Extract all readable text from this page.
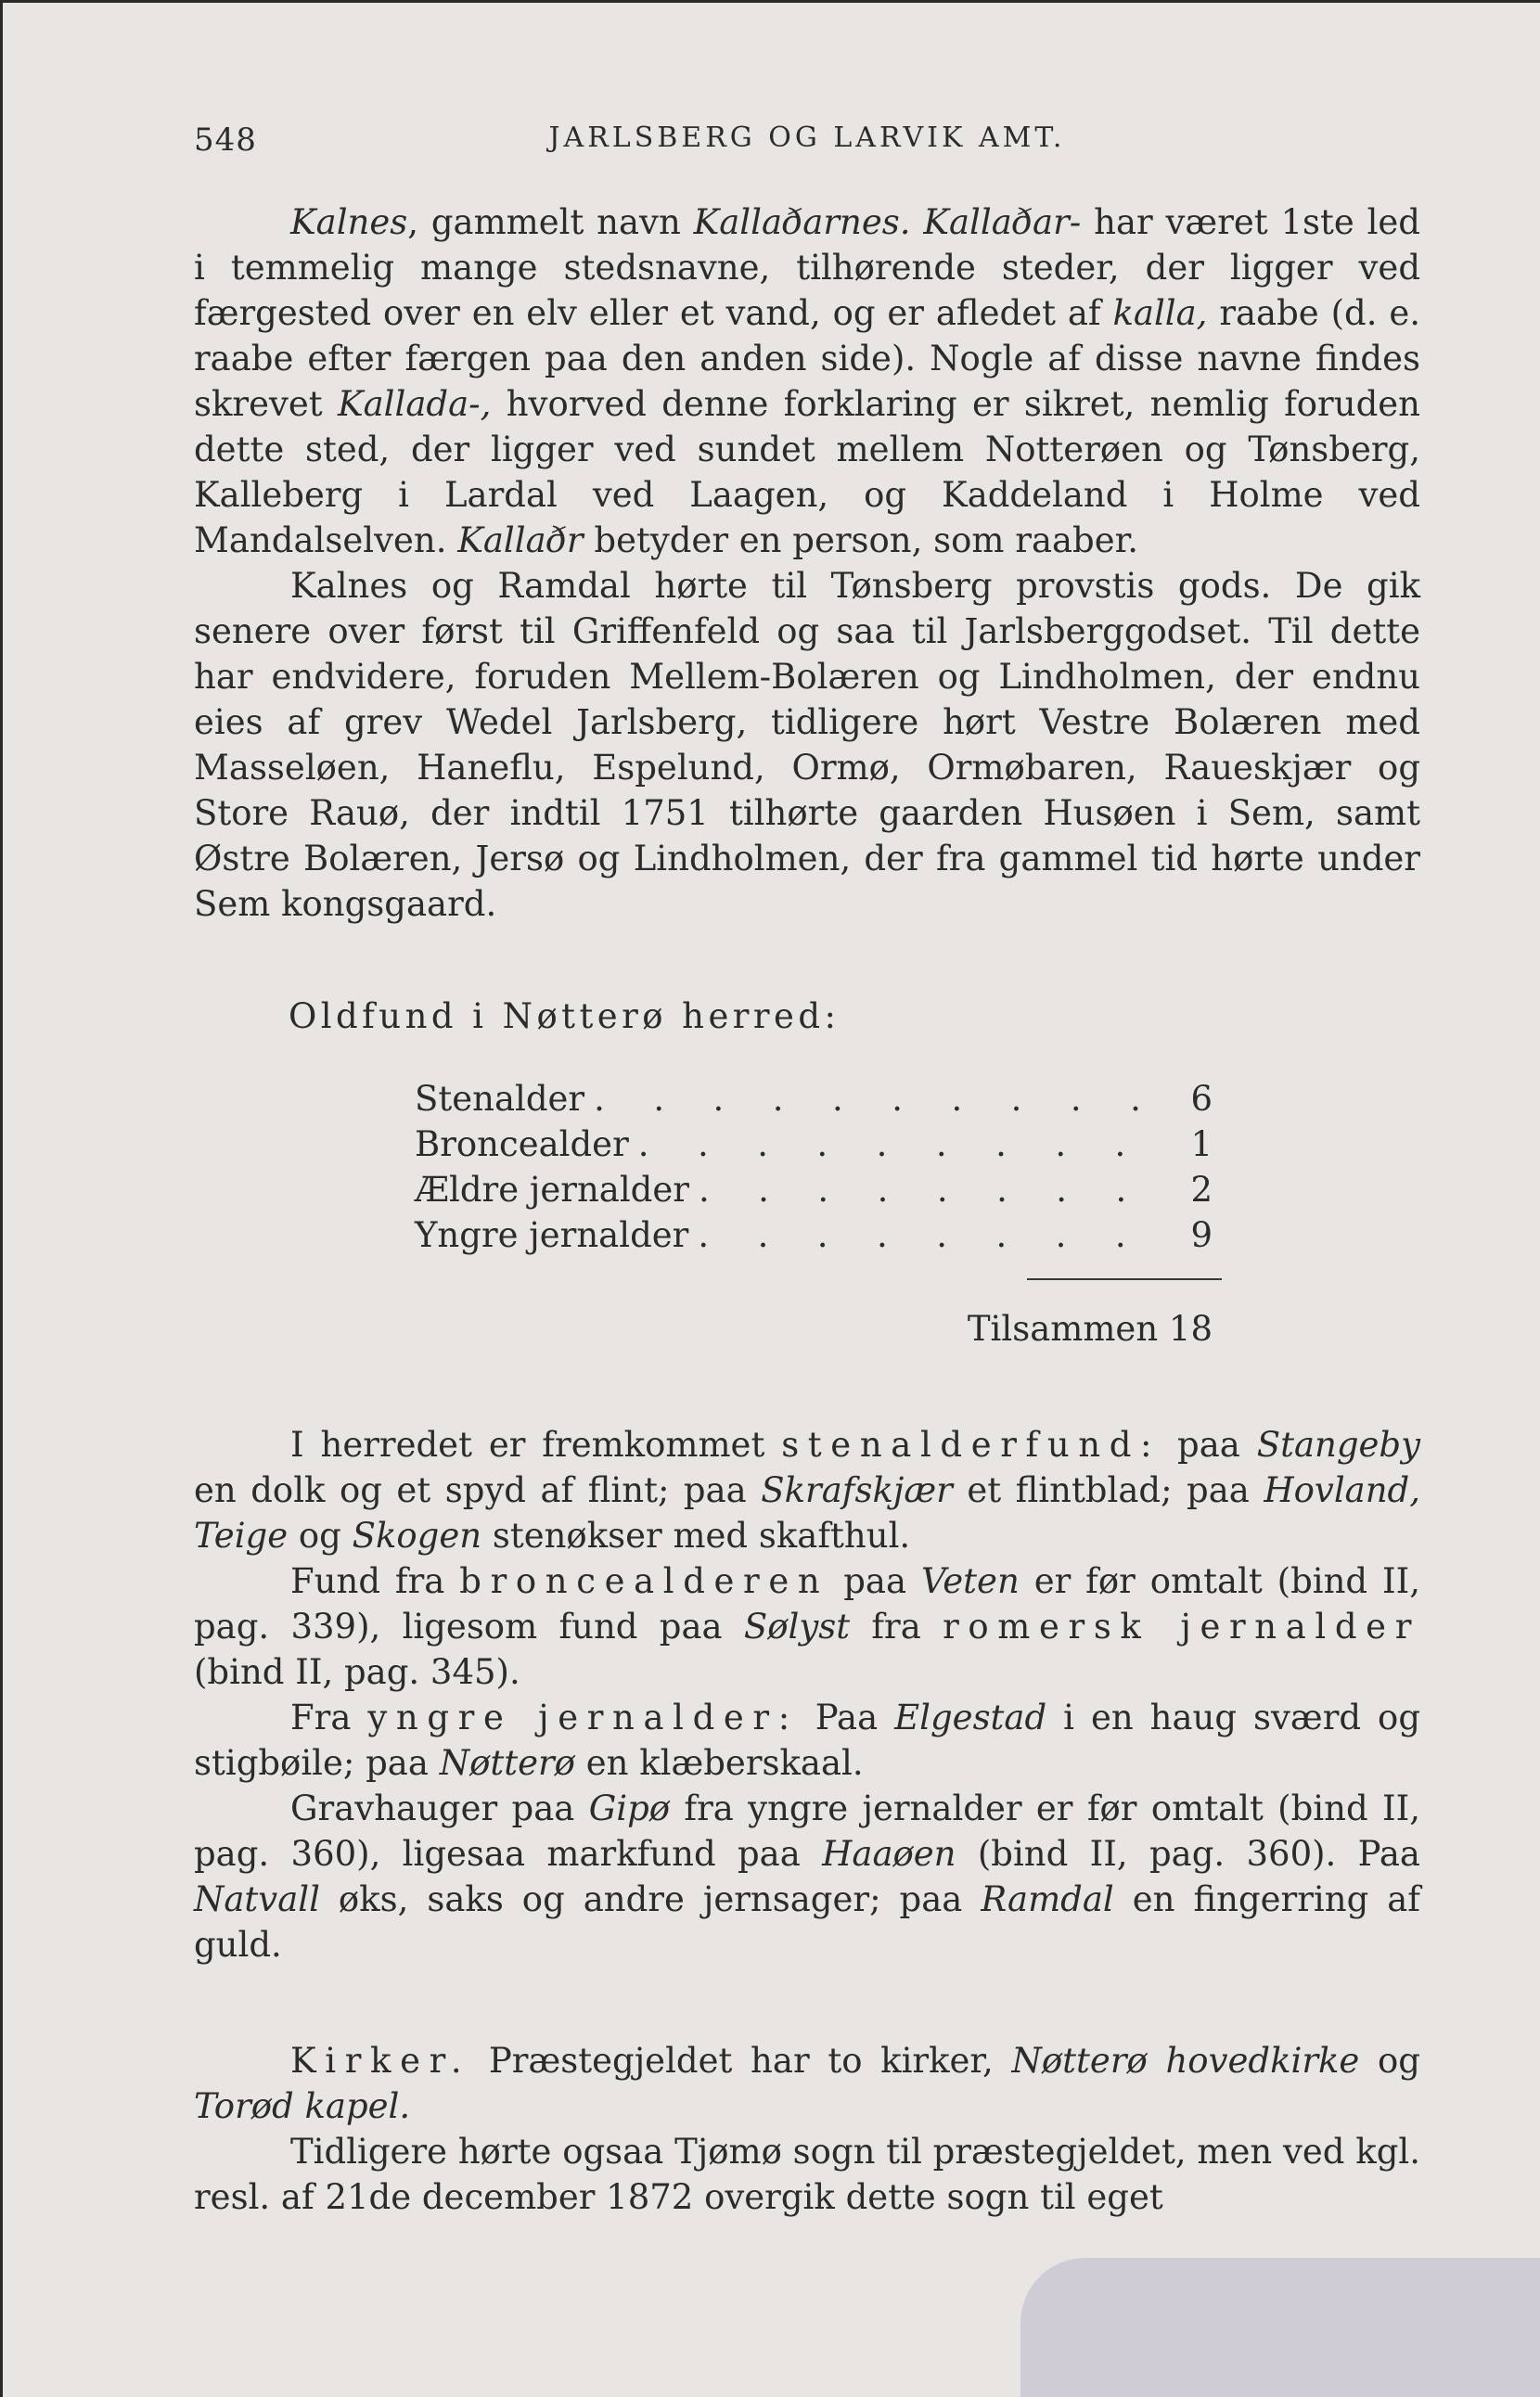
548	JARLSBERG OG LARVIK AMT.

Kalnes, gammelt navn Kallaðarnes. Kallaðar- har været 1ste led i temmelig mange stedsnavne, tilhørende steder, der ligger ved færgested over en elv eller et vand, og er afledet af kalla, raabe (d. e. raabe efter færgen paa den anden side). Nogle af disse navne findes skrevet Kallada-, hvorved denne forklaring er sikret, nemlig foruden dette sted, der ligger ved sundet mellem Notterøen og Tønsberg, Kalleberg i Lardal ved Laagen, og Kaddeland i Holme ved Mandalselven. Kallaðr betyder en person, som raaber.

Kalnes og Ramdal hørte til Tønsberg provstis gods. De gik senere over først til Griffenfeld og saa til Jarlsberggodset. Til dette har endvidere, foruden Mellem-Bolæren og Lindholmen, der endnu eies af grev Wedel Jarlsberg, tidligere hørt Vestre Bolæren med Masseløen, Haneflu, Espelund, Ormø, Ormøbaren, Raueskjær og Store Rauø, der indtil 1751 tilhørte gaarden Husøen i Sem, samt Østre Bolæren, Jersø og Lindholmen, der fra gammel tid hørte under Sem kongsgaard.

Oldfund i Nøtterø herred:

Stenalder . . .	6
Broncealder . . .	1
Ældre jernalder . . .	2
Yngre jernalder . . .	9
Tilsammen 18

I herredet er fremkommet stenalderfund: paa Stangeby en dolk og et spyd af flint; paa Skrafskjær et flintblad; paa Hovland, Teige og Skogen stenøkser med skafthul.

Fund fra broncealderen paa Veten er før omtalt (bind II, pag. 339), ligesom fund paa Sølyst fra romersk jernalder (bind II, pag. 345).

Fra yngre jernalder: Paa Elgestad i en haug sværd og stigbøile; paa Nøtterø en klæberskaal.

Gravhauger paa Gipø fra yngre jernalder er før omtalt (bind II, pag. 360), ligesaa markfund paa Haaøen (bind II, pag. 360). Paa Natvall øks, saks og andre jernsager; paa Ramdal en fingerring af guld.

Kirker. Præstegjeldet har to kirker, Nøtterø hovedkirke og Torød kapel.

Tidligere hørte ogsaa Tjømø sogn til præstegjeldet, men ved kgl. resl. af 21de december 1872 overgik dette sogn til eget
